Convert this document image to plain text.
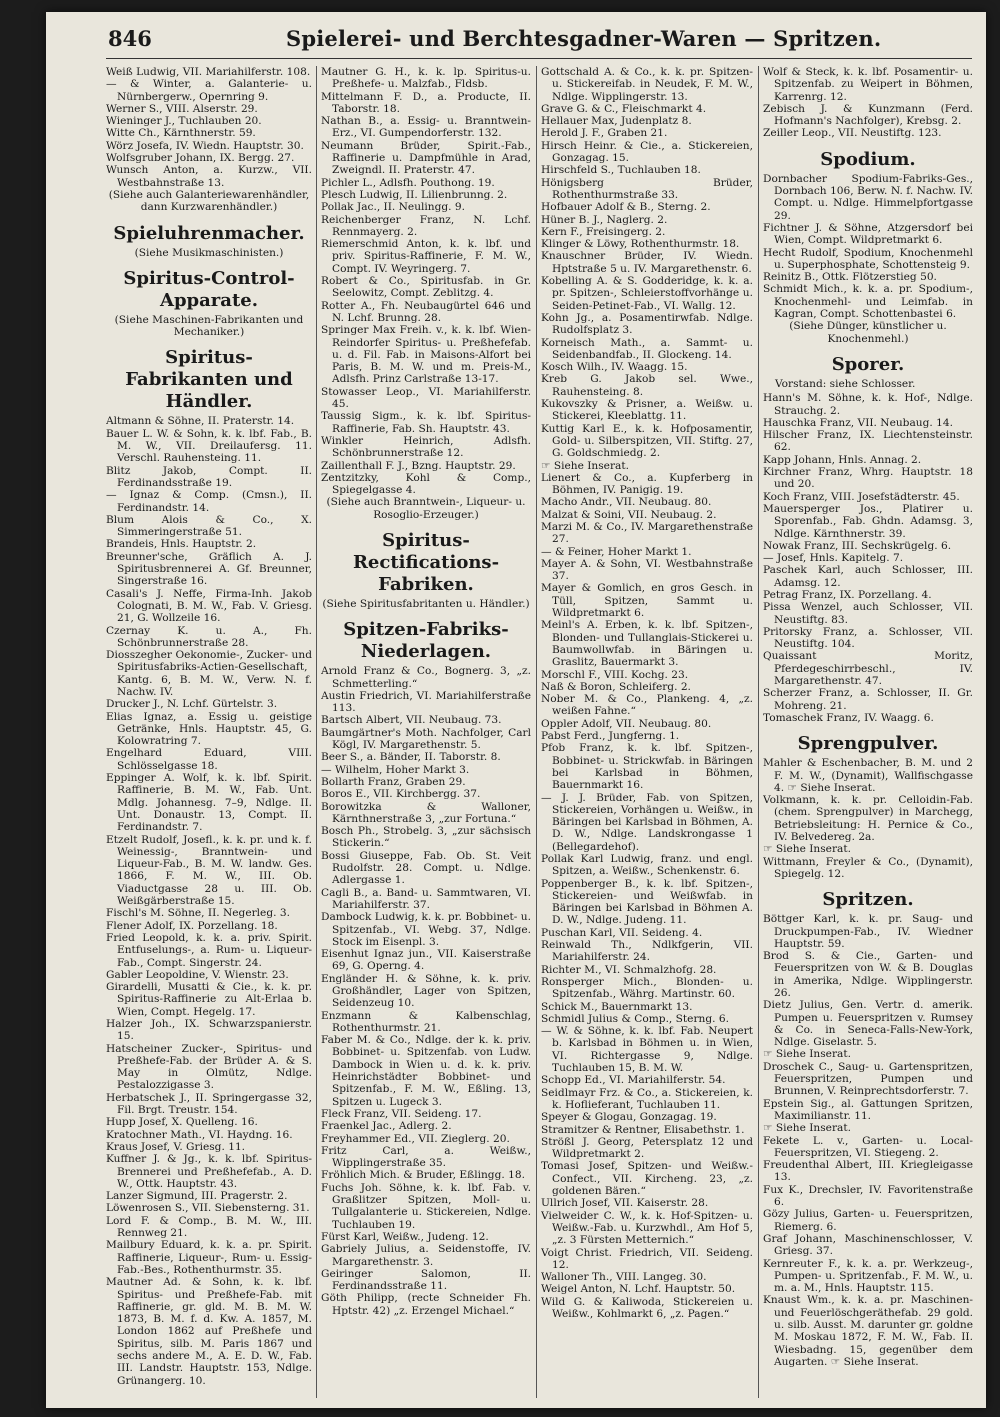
846	Spielerei- und Berchtesgadner-Waren — Spritzen.
Weiß Ludwig, VII. Mariahilferstr. 108.
— & Winter, a. Galanterie- u. Nürnbergerw., Opernring 9.
Werner S., VIII. Alserstr. 29.
Wieninger J., Tuchlauben 20.
Witte Ch., Kärnthnerstr. 59.
Wörz Josefa, IV. Wiedn. Hauptstr. 30.
Wolfsgruber Johann, IX. Bergg. 27.
Wunsch Anton, a. Kurzw., VII. Westbahnstraße 13.
(Siehe auch Galanteriewarenhändler, dann Kurzwarenhändler.)
Spieluhrenmacher.
(Siehe Musikmaschinisten.)
Spiritus-Control-Apparate.
(Siehe Maschinen-Fabrikanten und Mechaniker.)
Spiritus-Fabrikanten und Händler.
Altmann & Söhne, II. Praterstr. 14.
Bauer L. W. & Sohn, k. k. lbf. Fab., B. M. W., VII. Dreilaufersg. 11. Verschl. Rauhensteing. 11.
Blitz Jakob, Compt. II. Ferdinandsstraße 19.
— Ignaz & Comp. (Cmsn.), II. Ferdinandstr. 14.
Blum Alois & Co., X. Simmeringerstraße 51.
Brandeis, Hnls. Hauptstr. 2.
Breunner'sche, Gräflich A. J. Spiritusbrennerei A. Gf. Breunner, Singerstraße 16.
Casali's J. Neffe, Firma-Inh. Jakob Colognati, B. M. W., Fab. V. Griesg. 21, G. Wollzeile 16.
Czernay K. u. A., Fh. Schönbrunnerstraße 28.
Diosszegher Oekonomie-, Zucker- und Spiritusfabriks-Actien-Gesellschaft, Kantg. 6, B. M. W., Verw. N. f. Nachw. IV.
Drucker J., N. Lchf. Gürtelstr. 3.
Elias Ignaz, a. Essig u. geistige Getränke, Hnls. Hauptstr. 45, G. Kolowratring 7.
Engelhard Eduard, VIII. Schlösselgasse 18.
Eppinger A. Wolf, k. k. lbf. Spirit. Raffinerie, B. M. W., Fab. Unt. Mdlg. Johannesg. 7–9, Ndlge. II. Unt. Donaustr. 13, Compt. II. Ferdinandstr. 7.
Etzelt Rudolf, Josefl., k. k. pr. und k. f. Weinessig-, Branntwein- und Liqueur-Fab., B. M. W. landw. Ges. 1866, F. M. W., III. Ob. Viaductgasse 28 u. III. Ob. Weißgärberstraße 15.
Fischl's M. Söhne, II. Negerleg. 3.
Flener Adolf, IX. Porzellang. 18.
Fried Leopold, k. k. a. priv. Spirit. Entfuselungs-, a. Rum- u. Liqueur-Fab., Compt. Singerstr. 24.
Gabler Leopoldine, V. Wienstr. 23.
Girardelli, Musatti & Cie., k. k. pr. Spiritus-Raffinerie zu Alt-Erlaa b. Wien, Compt. Hegelg. 17.
Halzer Joh., IX. Schwarzspanierstr. 15.
Hatscheiner Zucker-, Spiritus- und Preßhefe-Fab. der Brüder A. & S. May in Olmütz, Ndlge. Pestalozzigasse 3.
Herbatschek J., II. Springergasse 32, Fil. Brgt. Treustr. 154.
Hupp Josef, X. Quelleng. 16.
Kratochner Math., VI. Haydng. 16.
Kraus Josef, V. Griesg. 11.
Kuffner J. & Jg., k. k. lbf. Spiritus-Brennerei und Preßhefefab., A. D. W., Ottk. Hauptstr. 43.
Lanzer Sigmund, III. Pragerstr. 2.
Löwenrosen S., VII. Siebensterng. 31.
Lord F. & Comp., B. M. W., III. Rennweg 21.
Mailbury Eduard, k. k. a. pr. Spirit. Raffinerie, Liqueur-, Rum- u. Essig-Fab.-Bes., Rothenthurmstr. 35.
Mautner Ad. & Sohn, k. k. lbf. Spiritus- und Preßhefe-Fab. mit Raffinerie, gr. gld. M. B. M. W. 1873, B. M. f. d. Kw. A. 1857, M. London 1862 auf Preßhefe und Spiritus, silb. M. Paris 1867 und sechs andere M., A. E. D. W., Fab. III. Landstr. Hauptstr. 153, Ndlge. Grünangerg. 10.
Mautner G. H., k. k. lp. Spiritus-u. Preßhefe- u. Malzfab., Fldsb.
Mittelmann F. D., a. Producte, II. Taborstr. 18.
Nathan B., a. Essig- u. Branntwein-Erz., VI. Gumpendorferstr. 132.
Neumann Brüder, Spirit.-Fab., Raffinerie u. Dampfmühle in Arad, Zweigndl. II. Praterstr. 47.
Pichler L., Adlsfh. Pouthong. 19.
Plesch Ludwig, II. Lilienbrunng. 2.
Pollak Jac., II. Neulingg. 9.
Reichenberger Franz, N. Lchf. Rennmayerg. 2.
Riemerschmid Anton, k. k. lbf. und priv. Spiritus-Raffinerie, F. M. W., Compt. IV. Weyringerg. 7.
Robert & Co., Spiritusfab. in Gr. Seelowitz, Compt. Zeblitzg. 4.
Rotter A., Fh. Neubaugürtel 646 und N. Lchf. Brunng. 28.
Springer Max Freih. v., k. k. lbf. Wien-Reindorfer Spiritus- u. Preßhefefab. u. d. Fil. Fab. in Maisons-Alfort bei Paris, B. M. W. und m. Preis-M., Adlsfh. Prinz Carlstraße 13-17.
Stowasser Leop., VI. Mariahilferstr. 45.
Taussig Sigm., k. k. lbf. Spiritus-Raffinerie, Fab. Sh. Hauptstr. 43.
Winkler Heinrich, Adlsfh. Schönbrunnerstraße 12.
Zaillenthall F. J., Bzng. Hauptstr. 29.
Zentzitzky, Kohl & Comp., Spiegelgasse 4.
(Siehe auch Branntwein-, Liqueur- u. Rosoglio-Erzeuger.)
Spiritus-Rectifications-Fabriken.
(Siehe Spiritusfabritanten u. Händler.)
Spitzen-Fabriks-Niederlagen.
Arnold Franz & Co., Bognerg. 3, „z. Schmetterling.“
Austin Friedrich, VI. Mariahilferstraße 113.
Bartsch Albert, VII. Neubaug. 73.
Baumgärtner's Moth. Nachfolger, Carl Kögl, IV. Margarethenstr. 5.
Beer S., a. Bänder, II. Taborstr. 8.
— Wilhelm, Hoher Markt 3.
Bollarth Franz, Graben 29.
Boros E., VII. Kirchbergg. 37.
Borowitzka & Walloner, Kärnthnerstraße 3, „zur Fortuna.“
Bosch Ph., Strobelg. 3, „zur sächsisch Stickerin.“
Bossi Giuseppe, Fab. Ob. St. Veit Rudolfstr. 28. Compt. u. Ndlge. Adlergasse 1.
Cagli B., a. Band- u. Sammtwaren, VI. Mariahilferstr. 37.
Dambock Ludwig, k. k. pr. Bobbinet- u. Spitzenfab., VI. Webg. 37, Ndlge. Stock im Eisenpl. 3.
Eisenhut Ignaz jun., VII. Kaiserstraße 69, G. Operng. 4.
Engländer H. & Söhne, k. k. priv. Großhändler, Lager von Spitzen, Seidenzeug 10.
Enzmann & Kalbenschlag, Rothenthurmstr. 21.
Faber M. & Co., Ndlge. der k. k. priv. Bobbinet- u. Spitzenfab. von Ludw. Dambock in Wien u. d. k. k. priv. Heinrichstädter Bobbinet- und Spitzenfab., F. M. W., Eßling. 13, Spitzen u. Lugeck 3.
Fleck Franz, VII. Seideng. 17.
Fraenkel Jac., Adlerg. 2.
Freyhammer Ed., VII. Zieglerg. 20.
Fritz Carl, a. Weißw., Wipplingerstraße 35.
Fröhlich Mich. & Bruder, Eßlingg. 18.
Fuchs Joh. Söhne, k. k. lbf. Fab. v. Graßlitzer Spitzen, Moll- u. Tullgalanterie u. Stickereien, Ndlge. Tuchlauben 19.
Fürst Karl, Weißw., Judeng. 12.
Gabriely Julius, a. Seidenstoffe, IV. Margarethenstr. 3.
Geiringer Salomon, II. Ferdinandsstraße 11.
Göth Philipp, (recte Schneider Fh. Hptstr. 42) „z. Erzengel Michael.“
Gottschald A. & Co., k. k. pr. Spitzen- u. Stickereifab. in Neudek, F. M. W., Ndlge. Wipplingerstr. 13.
Grave G. & C., Fleischmarkt 4.
Hellauer Max, Judenplatz 8.
Herold J. F., Graben 21.
Hirsch Heinr. & Cie., a. Stickereien, Gonzagag. 15.
Hirschfeld S., Tuchlauben 18.
Hönigsberg Brüder, Rothenthurmstraße 33.
Hofbauer Adolf & B., Sterng. 2.
Hüner B. J., Naglerg. 2.
Kern F., Freisingerg. 2.
Klinger & Löwy, Rothenthurmstr. 18.
Knauschner Brüder, IV. Wiedn. Hptstraße 5 u. IV. Margarethenstr. 6.
Kobelling A. & S. Godderidge, k. k. a. pr. Spitzen-, Schleierstoffvorhänge u. Seiden-Petinet-Fab., VI. Wallg. 12.
Kohn Jg., a. Posamentirwfab. Ndlge. Rudolfsplatz 3.
Korneisch Math., a. Sammt- u. Seidenbandfab., II. Glockeng. 14.
Kosch Wilh., IV. Waagg. 15.
Kreb G. Jakob sel. Wwe., Rauhensteing. 8.
Kukovszky & Prisner, a. Weißw. u. Stickerei, Kleeblattg. 11.
Kuttig Karl E., k. k. Hofposamentir, Gold- u. Silberspitzen, VII. Stiftg. 27, G. Goldschmiedg. 2.
☞ Siehe Inserat.
Lienert & Co., a. Kupferberg in Böhmen, IV. Panigig. 19.
Macho Andr., VII. Neubaug. 80.
Malzat & Soini, VII. Neubaug. 2.
Marzi M. & Co., IV. Margarethenstraße 27.
— & Feiner, Hoher Markt 1.
Mayer A. & Sohn, VI. Westbahnstraße 37.
Mayer & Gomlich, en gros Gesch. in Tüll, Spitzen, Sammt u. Wildpretmarkt 6.
Meinl's A. Erben, k. k. lbf. Spitzen-, Blonden- und Tullanglais-Stickerei u. Baumwollwfab. in Bäringen u. Graslitz, Bauermarkt 3.
Morschl F., VIII. Kochg. 23.
Naß & Boron, Schleiferg. 2.
Nober M. & Co., Plankeng. 4, „z. weißen Fahne.“
Oppler Adolf, VII. Neubaug. 80.
Pabst Ferd., Jungferng. 1.
Pfob Franz, k. k. lbf. Spitzen-, Bobbinet- u. Strickwfab. in Bäringen bei Karlsbad in Böhmen, Bauernmarkt 16.
— J. J. Brüder, Fab. von Spitzen, Stickereien, Vorhängen u. Weißw., in Bäringen bei Karlsbad in Böhmen, A. D. W., Ndlge. Landskrongasse 1 (Bellegardehof).
Pollak Karl Ludwig, franz. und engl. Spitzen, a. Weißw., Schenkenstr. 6.
Poppenberger B., k. k. lbf. Spitzen-, Stickereien- und Weißwfab. in Bäringen bei Karlsbad in Böhmen A. D. W., Ndlge. Judeng. 11.
Puschan Karl, VII. Seideng. 4.
Reinwald Th., Ndlkfgerin, VII. Mariahilferstr. 24.
Richter M., VI. Schmalzhofg. 28.
Ronsperger Mich., Blonden- u. Spitzenfab., Währg. Martinstr. 60.
Schick M., Bauernmarkt 13.
Schmidl Julius & Comp., Sterng. 6.
— W. & Söhne, k. k. lbf. Fab. Neupert b. Karlsbad in Böhmen u. in Wien, VI. Richtergasse 9, Ndlge. Tuchlauben 15, B. M. W.
Schopp Ed., VI. Mariahilferstr. 54.
Seidlmayr Frz. & Co., a. Stickereien, k. k. Hoflieferant, Tuchlauben 11.
Speyer & Glogau, Gonzagag. 19.
Stramitzer & Rentner, Elisabethstr. 1.
Strößl J. Georg, Petersplatz 12 und Wildpretmarkt 2.
Tomasi Josef, Spitzen- und Weißw.-Confect., VII. Kircheng. 23, „z. goldenen Bären.“
Ullrich Josef, VII. Kaiserstr. 28.
Vielweider C. W., k. k. Hof-Spitzen- u. Weißw.-Fab. u. Kurzwhdl., Am Hof 5, „z. 3 Fürsten Metternich.“
Voigt Christ. Friedrich, VII. Seideng. 12.
Walloner Th., VIII. Langeg. 30.
Weigel Anton, N. Lchf. Hauptstr. 50.
Wild G. & Kaliwoda, Stickereien u. Weißw., Kohlmarkt 6, „z. Pagen.“
Wolf & Steck, k. k. lbf. Posamentir- u. Spitzenfab. zu Weipert in Böhmen, Karrenrg. 12.
Zebisch J. & Kunzmann (Ferd. Hofmann's Nachfolger), Krebsg. 2.
Zeiller Leop., VII. Neustiftg. 123.
Spodium.
Dornbacher Spodium-Fabriks-Ges., Dornbach 106, Berw. N. f. Nachw. IV. Compt. u. Ndlge. Himmelpfortgasse 29.
Fichtner J. & Söhne, Atzgersdorf bei Wien, Compt. Wildpretmarkt 6.
Hecht Rudolf, Spodium, Knochenmehl u. Superphosphate, Schottensteig 9.
Reinitz B., Ottk. Flötzerstieg 50.
Schmidt Mich., k. k. a. pr. Spodium-, Knochenmehl- und Leimfab. in Kagran, Compt. Schottenbastei 6.
(Siehe Dünger, künstlicher u. Knochenmehl.)
Sporer.
Vorstand: siehe Schlosser.
Hann's M. Söhne, k. k. Hof-, Ndlge. Strauchg. 2.
Hauschka Franz, VII. Neubaug. 14.
Hilscher Franz, IX. Liechtensteinstr. 62.
Kapp Johann, Hnls. Annag. 2.
Kirchner Franz, Whrg. Hauptstr. 18 und 20.
Koch Franz, VIII. Josefstädterstr. 45.
Mauersperger Jos., Platirer u. Sporenfab., Fab. Ghdn. Adamsg. 3, Ndlge. Kärnthnerstr. 39.
Nowak Franz, III. Sechskrügelg. 6.
— Josef, Hnls. Kapitelg. 7.
Paschek Karl, auch Schlosser, III. Adamsg. 12.
Petrag Franz, IX. Porzellang. 4.
Pissa Wenzel, auch Schlosser, VII. Neustiftg. 83.
Pritorsky Franz, a. Schlosser, VII. Neustiftg. 104.
Quaissant Moritz, Pferdegeschirrbeschl., IV. Margarethenstr. 47.
Scherzer Franz, a. Schlosser, II. Gr. Mohreng. 21.
Tomaschek Franz, IV. Waagg. 6.
Sprengpulver.
Mahler & Eschenbacher, B. M. und 2 F. M. W., (Dynamit), Wallfischgasse 4. ☞ Siehe Inserat.
Volkmann, k. k. pr. Celloidin-Fab. (chem. Sprengpulver) in Marchegg, Betriebsleitung: H. Pernice & Co., IV. Belvedereg. 2a.
☞ Siehe Inserat.
Wittmann, Freyler & Co., (Dynamit), Spiegelg. 12.
Spritzen.
Böttger Karl, k. k. pr. Saug- und Druckpumpen-Fab., IV. Wiedner Hauptstr. 59.
Brod S. & Cie., Garten- und Feuerspritzen von W. & B. Douglas in Amerika, Ndlge. Wipplingerstr. 26.
Dietz Julius, Gen. Vertr. d. amerik. Pumpen u. Feuerspritzen v. Rumsey & Co. in Seneca-Falls-New-York, Ndlge. Giselastr. 5.
☞ Siehe Inserat.
Droschek C., Saug- u. Gartenspritzen, Feuerspritzen, Pumpen und Brunnen, V. Reinprechtsdorferstr. 7.
Epstein Sig., al. Gattungen Spritzen, Maximilianstr. 11.
☞ Siehe Inserat.
Fekete L. v., Garten- u. Local-Feuerspritzen, VI. Stiegeng. 2.
Freudenthal Albert, III. Kriegleigasse 13.
Fux K., Drechsler, IV. Favoritenstraße 6.
Gözy Julius, Garten- u. Feuerspritzen, Riemerg. 6.
Graf Johann, Maschinenschlosser, V. Griesg. 37.
Kernreuter F., k. k. a. pr. Werkzeug-, Pumpen- u. Spritzenfab., F. M. W., u. m. a. M., Hnls. Hauptstr. 115.
Knaust Wm., k. k. a. pr. Maschinen- und Feuerlöschgeräthefab. 29 gold. u. silb. Ausst. M. darunter gr. goldne M. Moskau 1872, F. M. W., Fab. II. Wiesbadng. 15, gegenüber dem Augarten. ☞ Siehe Inserat.
